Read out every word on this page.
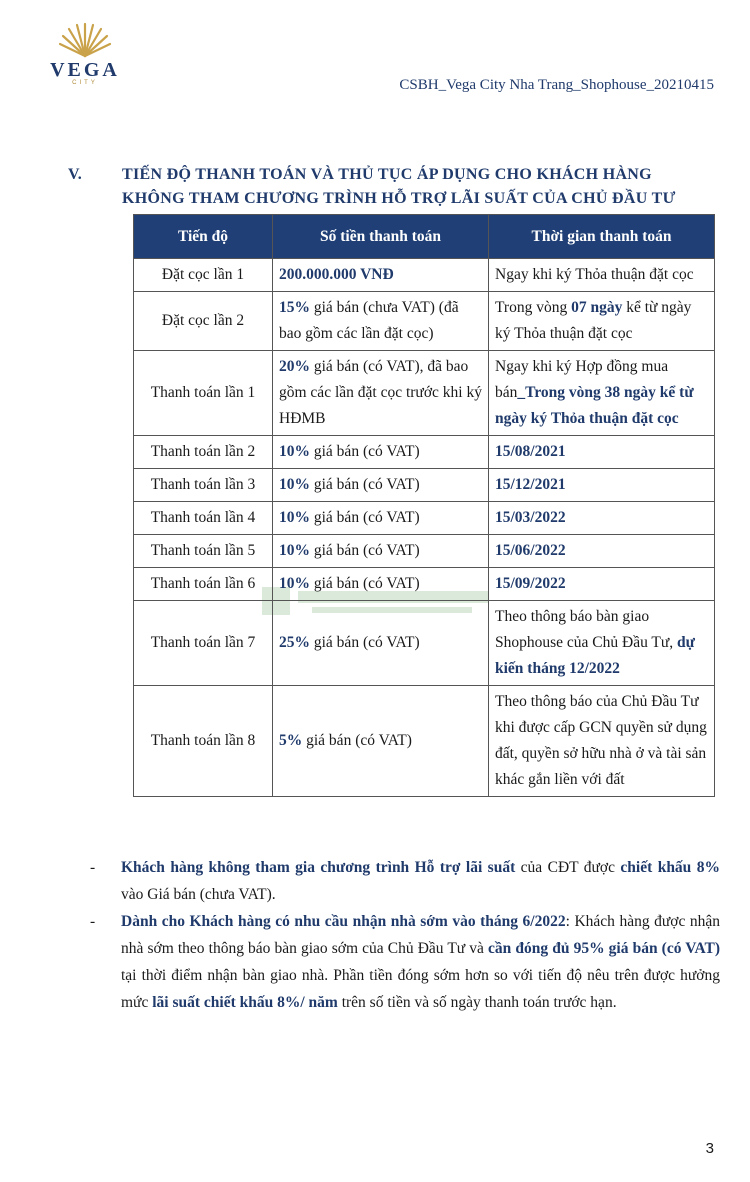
VEGA
CITY	CSBH_Vega City Nha Trang_Shophouse_20210415
V. TIẾN ĐỘ THANH TOÁN VÀ THỦ TỤC ÁP DỤNG CHO KHÁCH HÀNG
KHÔNG THAM CHƯƠNG TRÌNH HỖ TRỢ LÃI SUẤT CỦA CHỦ ĐẦU TƯ
Tiến độ	Số tiền thanh toán	Thời gian thanh toán
Đặt cọc lần 1	200.000.000 VNĐ	Ngay khi ký Thỏa thuận đặt cọc
Đặt cọc lần 2	15% giá bán (chưa VAT) (đã bao gồm các lần đặt cọc)	Trong vòng 07 ngày kể từ ngày ký Thỏa thuận đặt cọc
Thanh toán lần 1	20% giá bán (có VAT), đã bao gồm các lần đặt cọc trước khi ký HĐMB	Ngay khi ký Hợp đồng mua bán_Trong vòng 38 ngày kể từ ngày ký Thỏa thuận đặt cọc
Thanh toán lần 2	10% giá bán (có VAT)	15/08/2021
Thanh toán lần 3	10% giá bán (có VAT)	15/12/2021
Thanh toán lần 4	10% giá bán (có VAT)	15/03/2022
Thanh toán lần 5	10% giá bán (có VAT)	15/06/2022
Thanh toán lần 6	10% giá bán (có VAT)	15/09/2022
Thanh toán lần 7	25% giá bán (có VAT)	Theo thông báo bàn giao Shophouse của Chủ Đầu Tư, dự kiến tháng 12/2022
Thanh toán lần 8	5% giá bán (có VAT)	Theo thông báo của Chủ Đầu Tư khi được cấp GCN quyền sử dụng đất, quyền sở hữu nhà ở và tài sản khác gắn liền với đất
- Khách hàng không tham gia chương trình Hỗ trợ lãi suất của CĐT được chiết khấu 8% vào Giá bán (chưa VAT).
- Dành cho Khách hàng có nhu cầu nhận nhà sớm vào tháng 6/2022: Khách hàng được nhận nhà sớm theo thông báo bàn giao sớm của Chủ Đầu Tư và cần đóng đủ 95% giá bán (có VAT) tại thời điểm nhận bàn giao nhà. Phần tiền đóng sớm hơn so với tiến độ nêu trên được hưởng mức lãi suất chiết khấu 8%/ năm trên số tiền và số ngày thanh toán trước hạn.
3
